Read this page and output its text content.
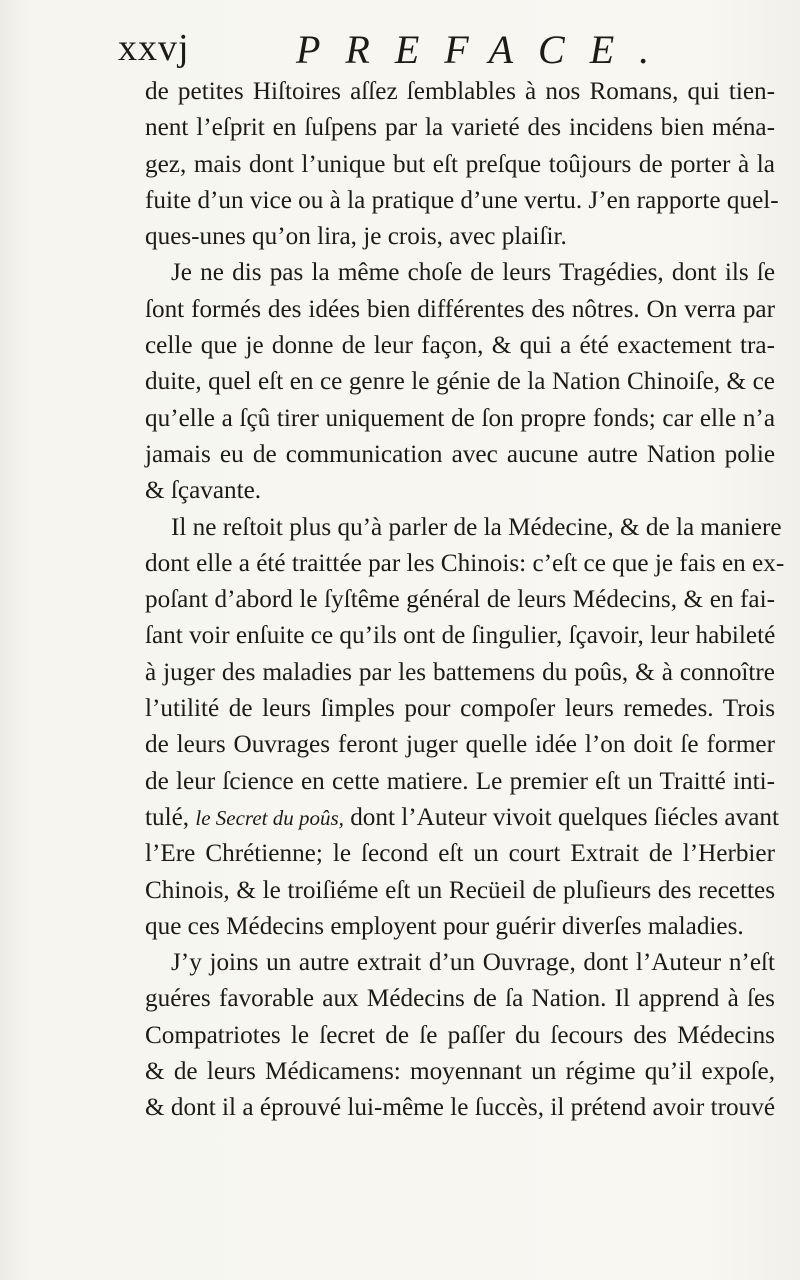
xxvj	PREFACE.
de petites Hiſtoires aſſez ſemblables à nos Romans, qui tien-
nent l’eſprit en ſuſpens par la varieté des incidens bien ména-
gez, mais dont l’unique but eſt preſque toûjours de porter à la
fuite d’un vice ou à la pratique d’une vertu. J’en rapporte quel-
ques-unes qu’on lira, je crois, avec plaiſir.
Je ne dis pas la même choſe de leurs Tragédies, dont ils ſe
ſont formés des idées bien différentes des nôtres. On verra par
celle que je donne de leur façon, & qui a été exactement tra-
duite, quel eſt en ce genre le génie de la Nation Chinoiſe, & ce
qu’elle a ſçû tirer uniquement de ſon propre fonds; car elle n’a
jamais eu de communication avec aucune autre Nation polie
& ſçavante.
Il ne reſtoit plus qu’à parler de la Médecine, & de la maniere
dont elle a été traittée par les Chinois: c’eſt ce que je fais en ex-
poſant d’abord le ſyſtême général de leurs Médecins, & en fai-
ſant voir enſuite ce qu’ils ont de ſingulier, ſçavoir, leur habileté
à juger des maladies par les battemens du poûs, & à connoître
l’utilité de leurs ſimples pour compoſer leurs remedes. Trois
de leurs Ouvrages feront juger quelle idée l’on doit ſe former
de leur ſcience en cette matiere. Le premier eſt un Traitté inti-
tulé, le Secret du poûs, dont l’Auteur vivoit quelques ſiécles avant
l’Ere Chrétienne; le ſecond eſt un court Extrait de l’Herbier
Chinois, & le troiſiéme eſt un Recüeil de pluſieurs des recettes
que ces Médecins employent pour guérir diverſes maladies.
J’y joins un autre extrait d’un Ouvrage, dont l’Auteur n’eſt
guéres favorable aux Médecins de ſa Nation. Il apprend à ſes
Compatriotes le ſecret de ſe paſſer du ſecours des Médecins
& de leurs Médicamens: moyennant un régime qu’il expoſe,
& dont il a éprouvé lui-même le ſuccès, il prétend avoir trouvé
